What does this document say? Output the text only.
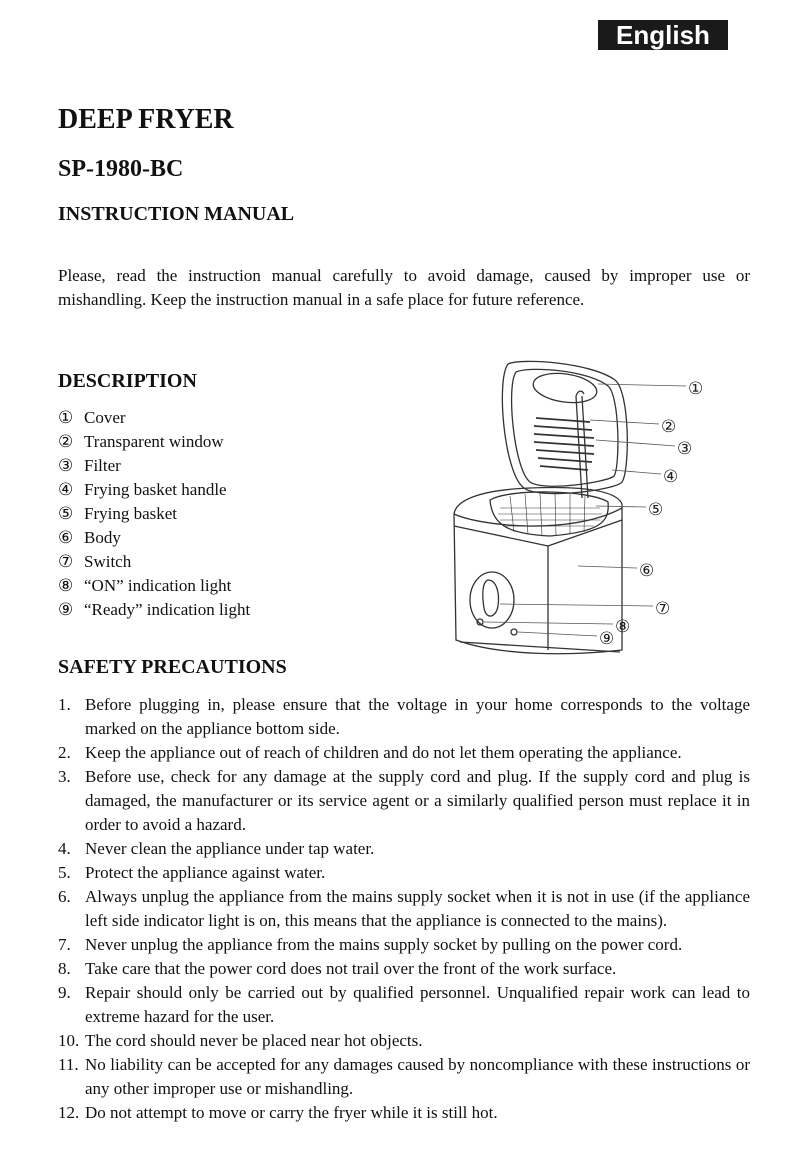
English
DEEP FRYER
SP-1980-BC
INSTRUCTION MANUAL

Please, read the instruction manual carefully to avoid damage, caused by improper use or mishandling. Keep the instruction manual in a safe place for future reference.

DESCRIPTION
① Cover
② Transparent window
③ Filter
④ Frying basket handle
⑤ Frying basket
⑥ Body
⑦ Switch
⑧ “ON” indication light
⑨ “Ready” indication light
①
②
③
④
⑤
⑥
⑦
⑧
⑨
SAFETY PRECAUTIONS
1. Before plugging in, please ensure that the voltage in your home corresponds to the voltage marked on the appliance bottom side.
2. Keep the appliance out of reach of children and do not let them operating the appliance.
3. Before use, check for any damage at the supply cord and plug. If the supply cord and plug is damaged, the manufacturer or its service agent or a similarly qualified person must replace it in order to avoid a hazard.
4. Never clean the appliance under tap water.
5. Protect the appliance against water.
6. Always unplug the appliance from the mains supply socket when it is not in use (if the appliance left side indicator light is on, this means that the appliance is connected to the mains).
7. Never unplug the appliance from the mains supply socket by pulling on the power cord.
8. Take care that the power cord does not trail over the front of the work surface.
9. Repair should only be carried out by qualified personnel. Unqualified repair work can lead to extreme hazard for the user.
10. The cord should never be placed near hot objects.
11. No liability can be accepted for any damages caused by noncompliance with these instructions or any other improper use or mishandling.
12. Do not attempt to move or carry the fryer while it is still hot.
